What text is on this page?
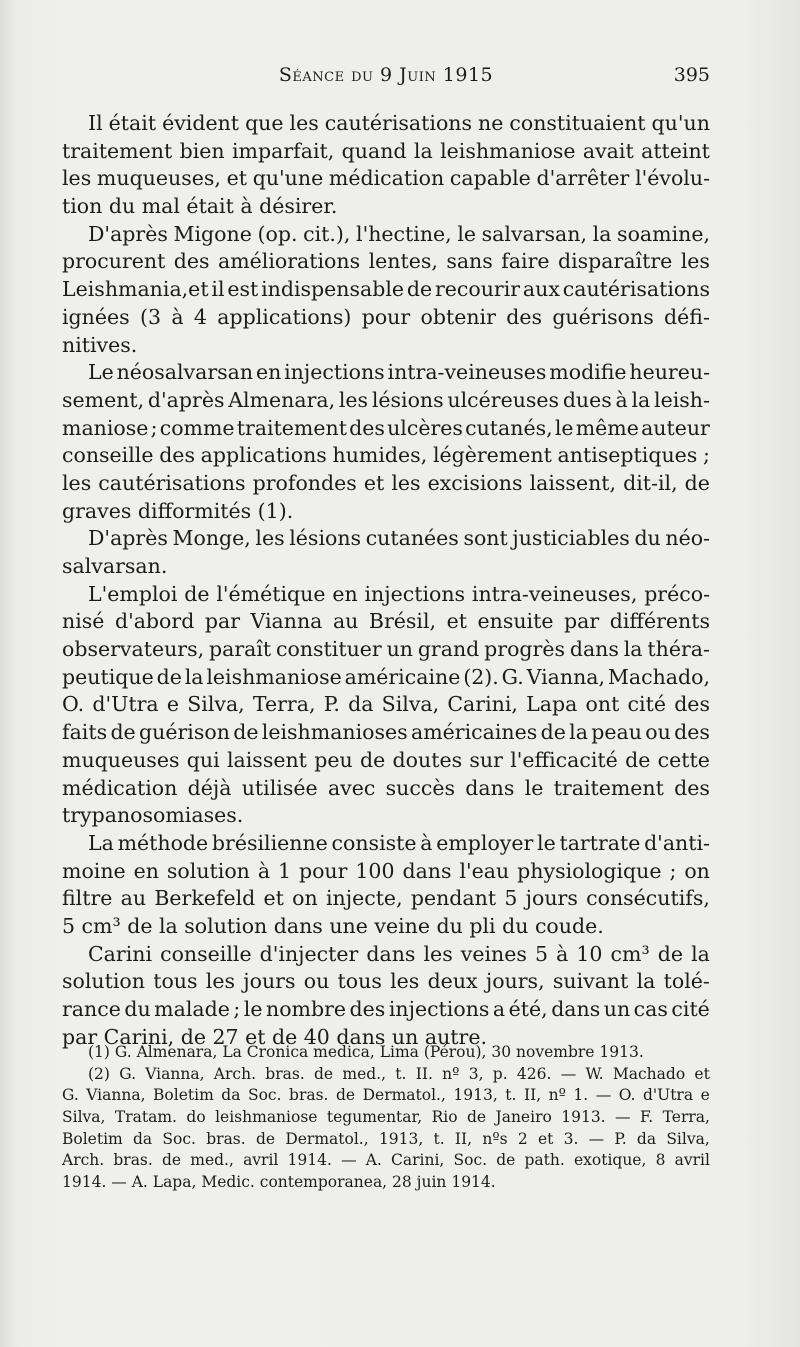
Séance du 9 Juin 1915	395
Il était évident que les cautérisations ne constituaient qu'un
traitement bien imparfait, quand la leishmaniose avait atteint
les muqueuses, et qu'une médication capable d'arrêter l'évolu-
tion du mal était à désirer.
D'après Migone (op. cit.), l'hectine, le salvarsan, la soamine,
procurent des améliorations lentes, sans faire disparaître les
Leishmania,et il est indispensable de recourir aux cautérisations
ignées (3 à 4 applications) pour obtenir des guérisons défi-
nitives.
Le néosalvarsan en injections intra-veineuses modifie heureu-
sement, d'après Almenara, les lésions ulcéreuses dues à la leish-
maniose ; comme traitement des ulcères cutanés, le même auteur
conseille des applications humides, légèrement antiseptiques ;
les cautérisations profondes et les excisions laissent, dit-il, de
graves difformités (1).
D'après Monge, les lésions cutanées sont justiciables du néo-
salvarsan.
L'emploi de l'émétique en injections intra-veineuses, préco-
nisé d'abord par Vianna au Brésil, et ensuite par différents
observateurs, paraît constituer un grand progrès dans la théra-
peutique de la leishmaniose américaine (2). G. Vianna, Machado,
O. d'Utra e Silva, Terra, P. da Silva, Carini, Lapa ont cité des
faits de guérison de leishmanioses américaines de la peau ou des
muqueuses qui laissent peu de doutes sur l'efficacité de cette
médication déjà utilisée avec succès dans le traitement des
trypanosomiases.
La méthode brésilienne consiste à employer le tartrate d'anti-
moine en solution à 1 pour 100 dans l'eau physiologique ; on
filtre au Berkefeld et on injecte, pendant 5 jours consécutifs,
5 cm³ de la solution dans une veine du pli du coude.
Carini conseille d'injecter dans les veines 5 à 10 cm³ de la
solution tous les jours ou tous les deux jours, suivant la tolé-
rance du malade ; le nombre des injections a été, dans un cas cité
par Carini, de 27 et de 40 dans un autre.
(1) G. Almenara, La Cronica medica, Lima (Pérou), 30 novembre 1913.
(2) G. Vianna, Arch. bras. de med., t. II. nº 3, p. 426. — W. Machado et
G. Vianna, Boletim da Soc. bras. de Dermatol., 1913, t. II, nº 1. — O. d'Utra e
Silva, Tratam. do leishmaniose tegumentar, Rio de Janeiro 1913. — F. Terra,
Boletim da Soc. bras. de Dermatol., 1913, t. II, nºs 2 et 3. — P. da Silva,
Arch. bras. de med., avril 1914. — A. Carini, Soc. de path. exotique, 8 avril
1914. — A. Lapa, Medic. contemporanea, 28 juin 1914.
